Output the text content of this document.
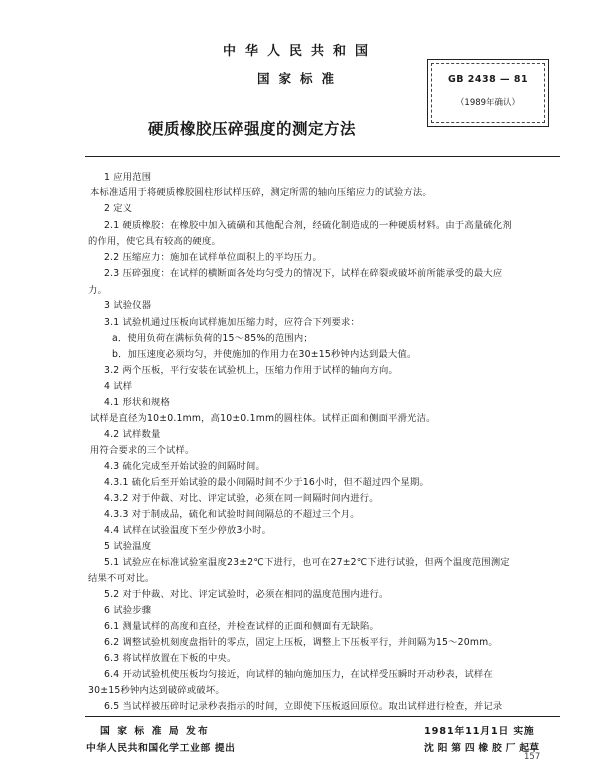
中华人民共和国
国家标准
硬质橡胶压碎强度的测定方法
GB 2438 — 81
（1989年确认）
1 应用范围
本标准适用于将硬质橡胶圆柱形试样压碎，测定所需的轴向压缩应力的试验方法。
2 定义
2.1 硬质橡胶：在橡胶中加入硫磺和其他配合剂，经硫化制造成的一种硬质材料。由于高量硫化剂
的作用，使它具有较高的硬度。
2.2 压缩应力：施加在试样单位面积上的平均压力。
2.3 压碎强度：在试样的横断面各处均匀受力的情况下，试样在碎裂或破坏前所能承受的最大应
力。
3 试验仪器
3.1 试验机通过压板向试样施加压缩力时，应符合下列要求：
a．使用负荷在满标负荷的15～85%的范围内；
b．加压速度必须均匀，并使施加的作用力在30±15秒钟内达到最大值。
3.2 两个压板，平行安装在试验机上，压缩力作用于试样的轴向方向。
4 试样
4.1 形状和规格
试样是直径为10±0.1mm，高10±0.1mm的圆柱体。试样正面和侧面平滑光洁。
4.2 试样数量
用符合要求的三个试样。
4.3 硫化完成至开始试验的间隔时间。
4.3.1 硫化后至开始试验的最小间隔时间不少于16小时，但不超过四个星期。
4.3.2 对于仲裁、对比、评定试验，必须在同一间隔时间内进行。
4.3.3 对于制成品，硫化和试验时间间隔总的不超过三个月。
4.4 试样在试验温度下至少停放3小时。
5 试验温度
5.1 试验应在标准试验室温度23±2℃下进行，也可在27±2℃下进行试验，但两个温度范围测定
结果不可对比。
5.2 对于仲裁、对比、评定试验时，必须在相同的温度范围内进行。
6 试验步骤
6.1 测量试样的高度和直径，并检查试样的正面和侧面有无缺陷。
6.2 调整试验机刻度盘指针的零点，固定上压板，调整上下压板平行，并间隔为15～20mm。
6.3 将试样放置在下板的中央。
6.4 开动试验机使压板均匀接近，向试样的轴向施加压力，在试样受压瞬时开动秒表，试样在
30±15秒钟内达到破碎或破坏。
6.5 当试样被压碎时记录秒表指示的时间，立即使下压板返回原位。取出试样进行检查，并记录
国 家 标 准 局 发布
中华人民共和国化学工业部 提出
1981年11月1日 实施
沈 阳 第 四 橡 胶 厂 起草
157
